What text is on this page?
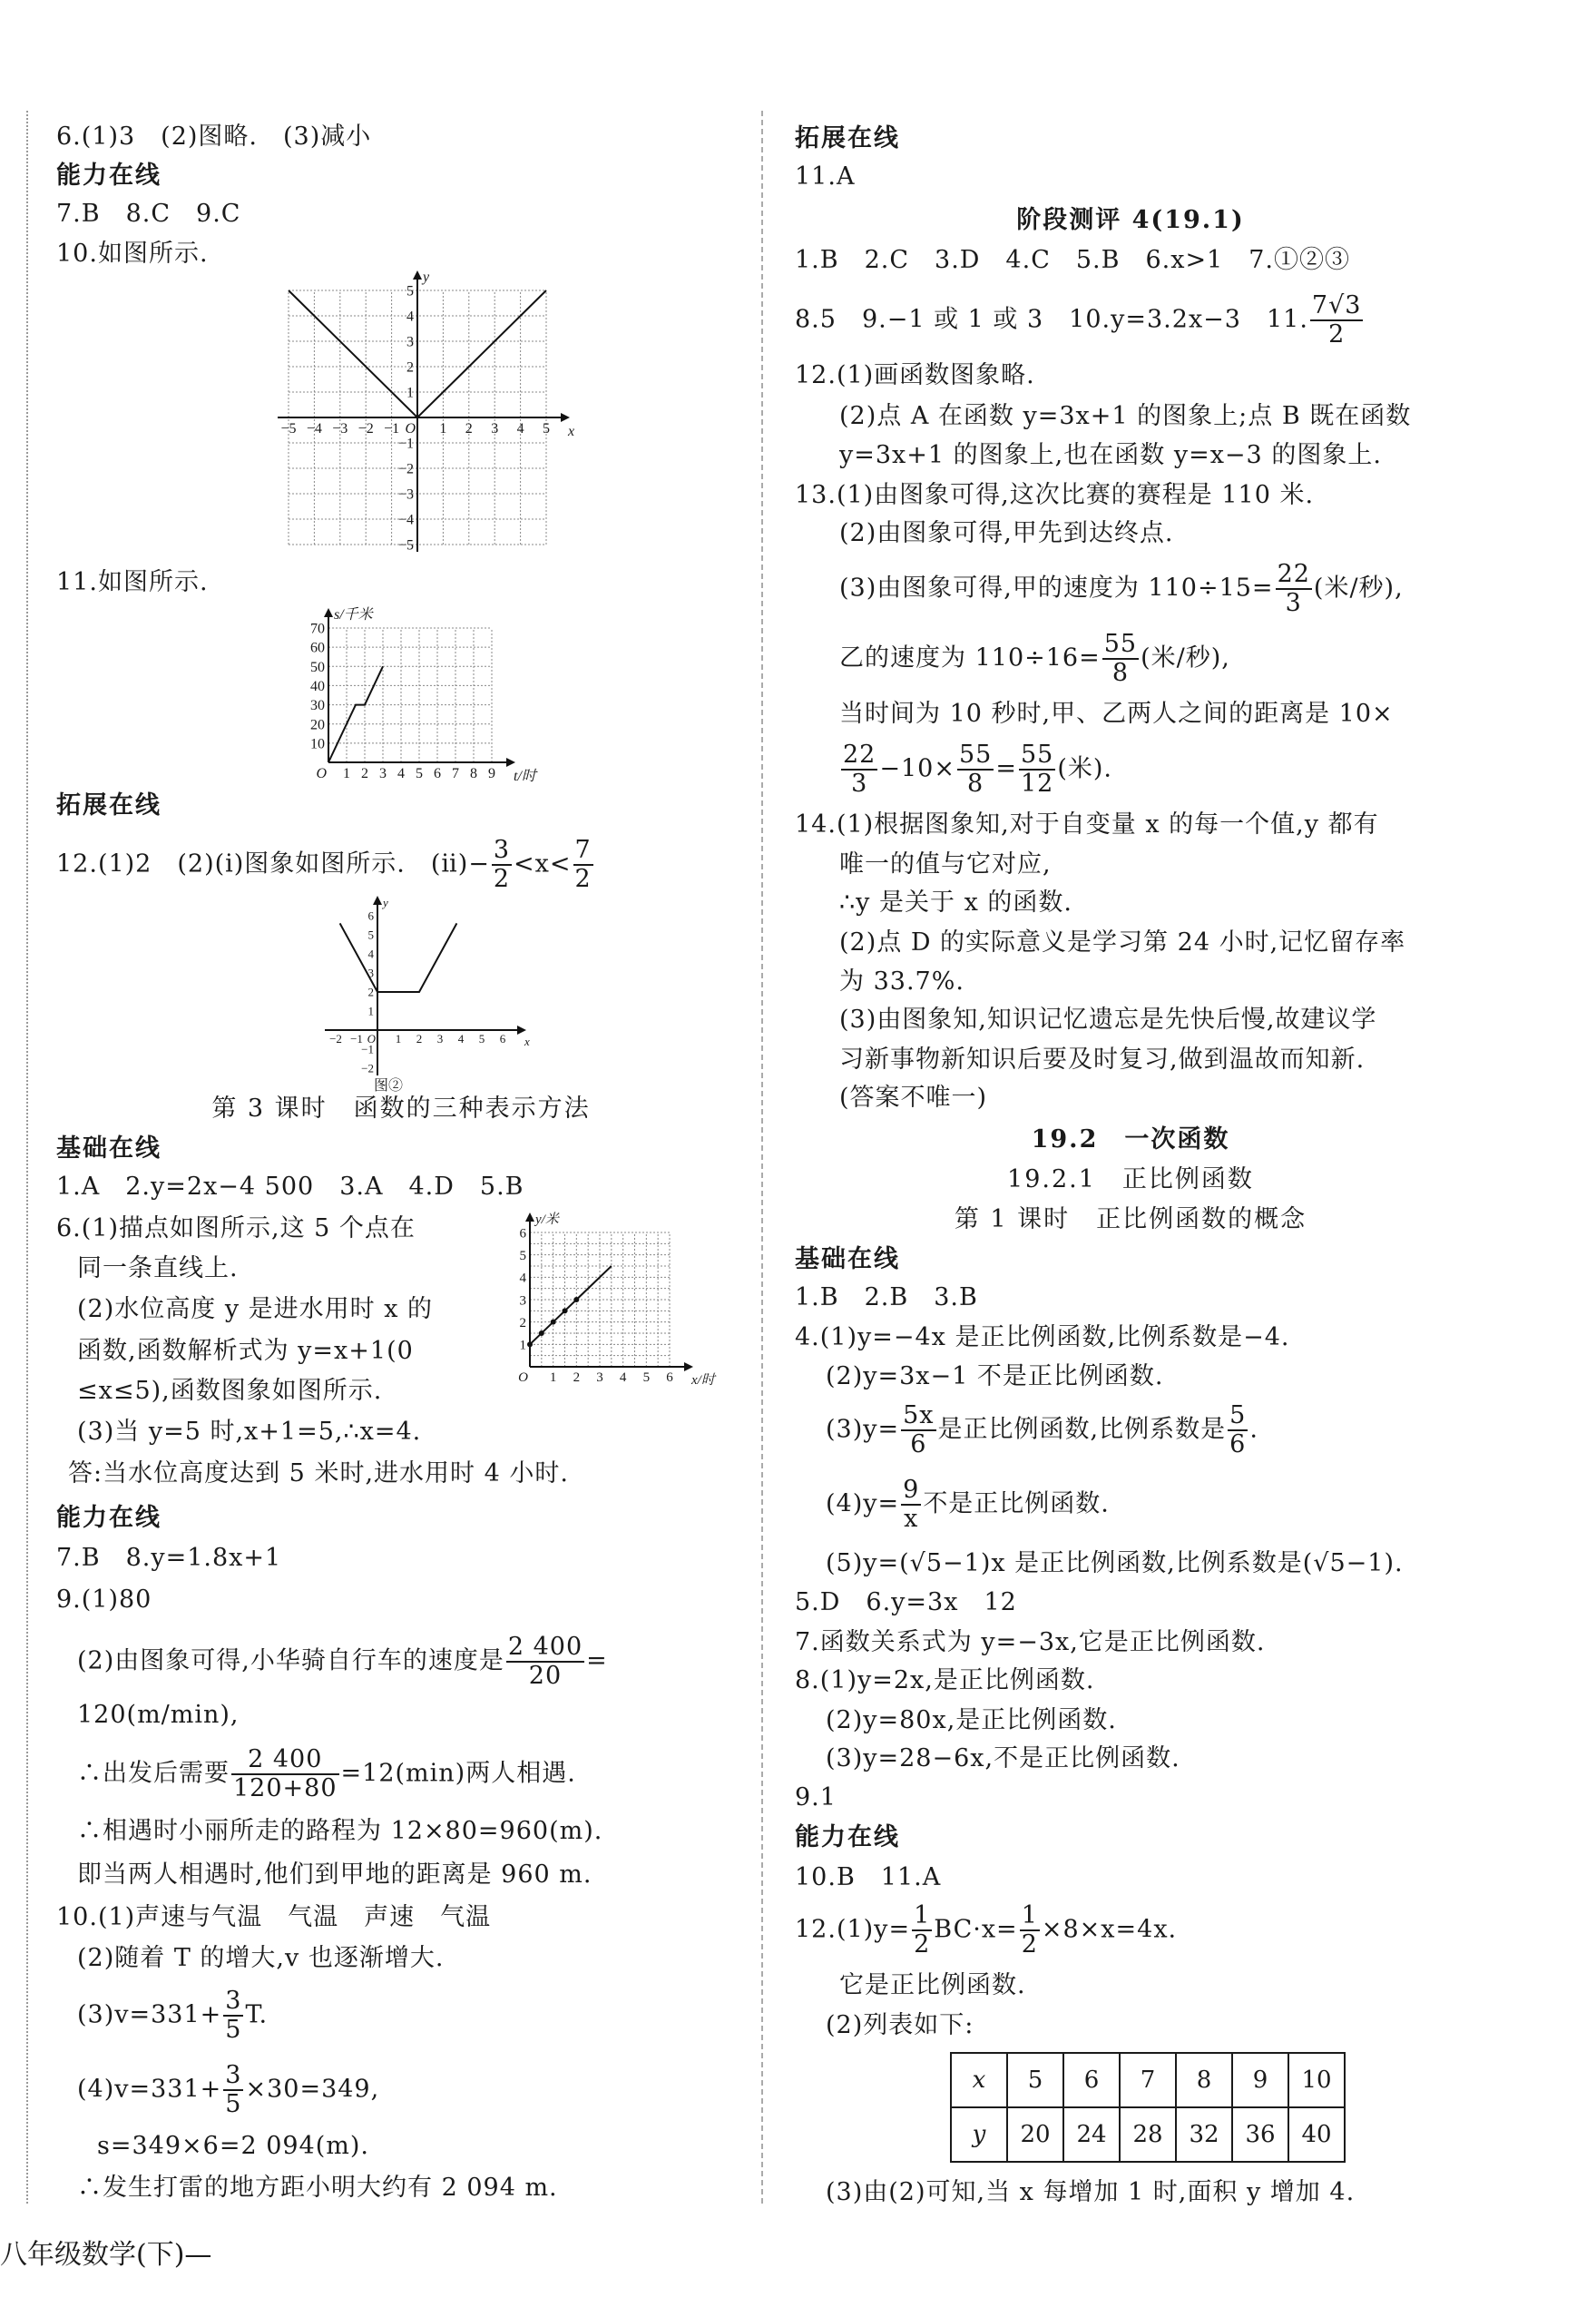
6.(1)3　(2)图略.　(3)减小
能力在线
7.B　8.C　9.C
10.如图所示.
−5 −4 −3 −2 −1	1 2 3 4 5
−5
−4
−3
−2
−1
1
2
3
4
5
O	x
y
11.如图所示.
1 2 3 4 5 6 7 8 9
10
20
30
40
50
60
70
O	t/时
s/千米
拓展在线
12.(1)2　(2)(ⅰ)图象如图所示.　(ⅱ)− $\frac{3}{2} <x< \frac{7}{2}$
−2 −1	1 2 3 4 5 6
−2
−1
1
2
3
4
5
6
O	x
y
图②
第 3 课时　函数的三种表示方法
基础在线
1.A　2.y=2x−4 500　3.A　4.D　5.B
6.(1)描点如图所示,这 5 个点在
同一条直线上.
(2)水位高度 y 是进水用时 x 的
函数,函数解析式为 y=x+1(0
≤x≤5),函数图象如图所示.
(3)当 y=5 时,x+1=5,∴x=4.
答:当水位高度达到 5 米时,进水用时 4 小时.
1 2 3 4 5 6
1
2
3
4
5
6
O	x/时
y/米
能力在线
7.B　8.y=1.8x+1
9.(1)80
(2)由图象可得,小华骑自行车的速度是 $\frac{2 400}{20}$ =
120(m/min),
∴出发后需要 $\frac{2 400}{120+80} =12(\min)$两人相遇.
∴相遇时小丽所走的路程为 12×80=960(m).
即当两人相遇时,他们到甲地的距离是 960 m.
10.(1)声速与气温　气温　声速　气温
(2)随着 T 的增大,v 也逐渐增大.
$(3)v=331+ \frac{3}{5} T$.
$(4)v=331+ \frac{3}{5} \times 30=349$,
s=349×6=2 094(m).
∴发生打雷的地方距小明大约有 2 094 m.
拓展在线
11.A
阶段测评 4(19.1)
1.B　2.C　3.D　4.C　5.B　6.x>1　7.①②③
8.5　9.−1 或 1 或 3　10.y=3.2x−3　11. $\frac{7√3}{2}$
12.(1)画函数图象略.
(2)点 A 在函数 y=3x+1 的图象上;点 B 既在函数
y=3x+1 的图象上,也在函数 y=x−3 的图象上.
13.(1)由图象可得,这次比赛的赛程是 110 米.
(2)由图象可得,甲先到达终点.
(3)由图象可得,甲的速度为 $110\div 15= \frac{22}{3}$ (米/秒),
乙的速度为 $110\div 16= \frac{55}{8}$ (米/秒),
当时间为 10 秒时,甲、乙两人之间的距离是 10×
$\frac{22}{3} -10\times \frac{55}{8} = \frac{55}{12}$ (米).
14.(1)根据图象知,对于自变量 x 的每一个值,y 都有
唯一的值与它对应,
∴y 是关于 x 的函数.
(2)点 D 的实际意义是学习第 24 小时,记忆留存率
为 33.7%.
(3)由图象知,知识记忆遗忘是先快后慢,故建议学
习新事物新知识后要及时复习,做到温故而知新.
(答案不唯一)
19.2　一次函数
19.2.1　正比例函数
第 1 课时　正比例函数的概念
基础在线
1.B　2.B　3.B
4.(1)y=−4x 是正比例函数,比例系数是−4.
(2)y=3x−1 不是正比例函数.
$(3)y= \frac{5x}{6}$ 是正比例函数,比例系数是 $\frac{5}{6}$ .
$(4)y= \frac{9}{x}$ 不是正比例函数.
(5)y=(√5−1)x 是正比例函数,比例系数是(√5−1).
5.D　6.y=3x　12
7.函数关系式为 y=−3x,它是正比例函数.
8.(1)y=2x,是正比例函数.
(2)y=80x,是正比例函数.
(3)y=28−6x,不是正比例函数.
9.1
能力在线
10.B　11.A
$12.(1)y= \frac{1}{2} BC\cdot x= \frac{1}{2} \times 8\times x=4x$.
它是正比例函数.
(2)列表如下:
x	5	6	7	8	9	10
y	20	24	28	32	36	40
(3)由(2)可知,当 x 每增加 1 时,面积 y 增加 4.
八年级数学(下)—
